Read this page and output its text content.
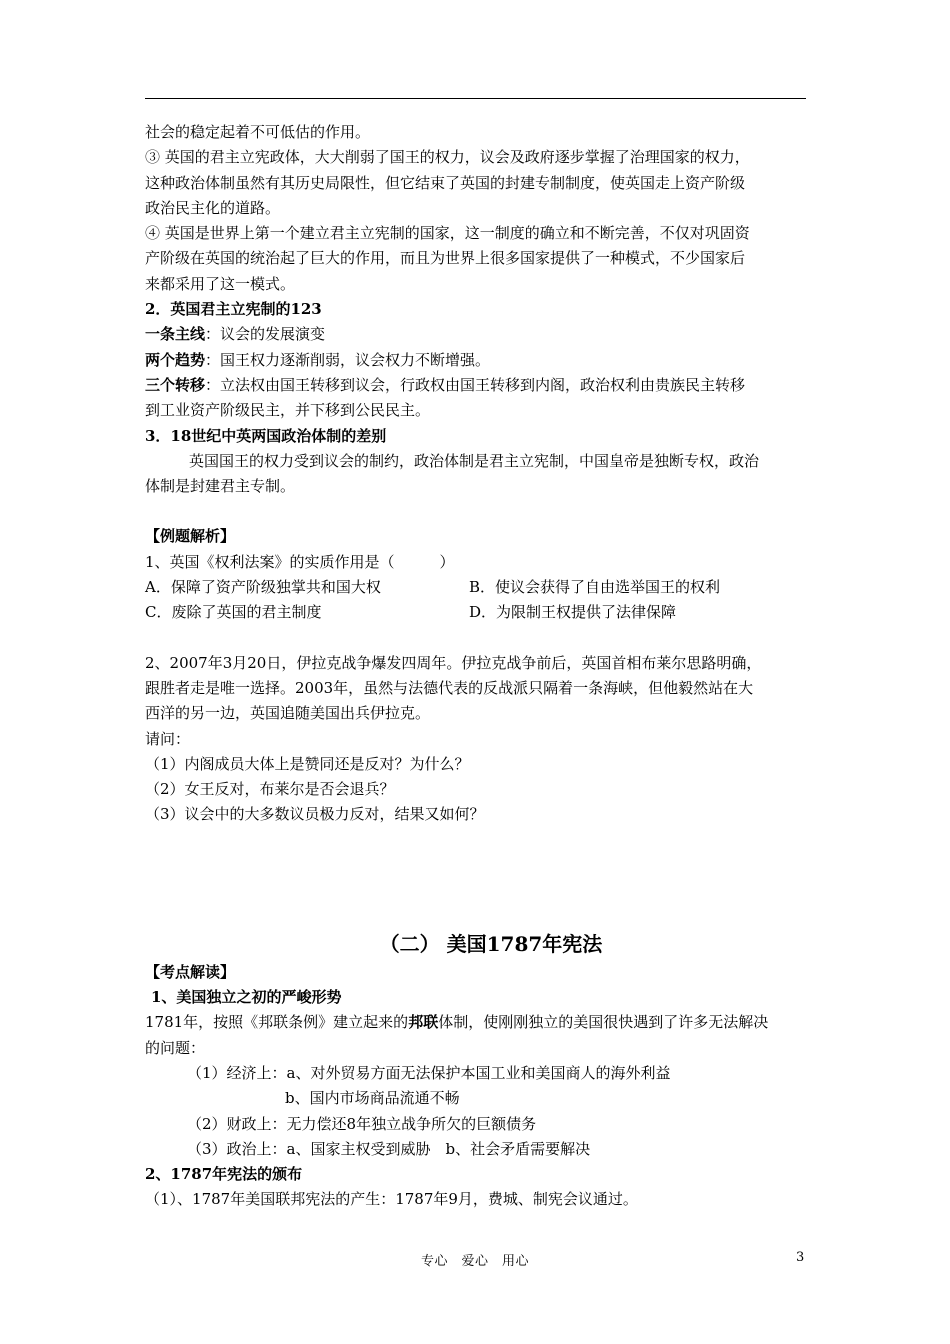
社会的稳定起着不可低估的作用。

③ 英国的君主立宪政体，大大削弱了国王的权力，议会及政府逐步掌握了治理国家的权力，

这种政治体制虽然有其历史局限性，但它结束了英国的封建专制制度，使英国走上资产阶级

政治民主化的道路。

④ 英国是世界上第一个建立君主立宪制的国家，这一制度的确立和不断完善，不仅对巩固资

产阶级在英国的统治起了巨大的作用，而且为世界上很多国家提供了一种模式，不少国家后

来都采用了这一模式。

2．英国君主立宪制的123

一条主线：议会的发展演变

两个趋势：国王权力逐渐削弱，议会权力不断增强。

三个转移：立法权由国王转移到议会，行政权由国王转移到内阁，政治权利由贵族民主转移

到工业资产阶级民主，并下移到公民民主。

3．18世纪中英两国政治体制的差别

英国国王的权力受到议会的制约，政治体制是君主立宪制，中国皇帝是独断专权，政治

体制是封建君主专制。

【例题解析】

1、英国《权利法案》的实质作用是（　　　）

A．保障了资产阶级独掌共和国大权	B．使议会获得了自由选举国王的权利
C．废除了英国的君主制度	D．为限制王权提供了法律保障

2、2007年3月20日，伊拉克战争爆发四周年。伊拉克战争前后，英国首相布莱尔思路明确，

跟胜者走是唯一选择。2003年，虽然与法德代表的反战派只隔着一条海峡，但他毅然站在大

西洋的另一边，英国追随美国出兵伊拉克。

请问：

（1）内阁成员大体上是赞同还是反对？为什么？

（2）女王反对，布莱尔是否会退兵？

（3）议会中的大多数议员极力反对，结果又如何？

（二） 美国1787年宪法

【考点解读】

1、美国独立之初的严峻形势

1781年，按照《邦联条例》建立起来的邦联体制，使刚刚独立的美国很快遇到了许多无法解决

的问题：

（1）经济上：a、对外贸易方面无法保护本国工业和美国商人的海外利益

b、国内市场商品流通不畅

（2）财政上：无力偿还8年独立战争所欠的巨额债务

（3）政治上：a、国家主权受到威胁　b、社会矛盾需要解决

2、1787年宪法的颁布

（1）、1787年美国联邦宪法的产生：1787年9月，费城、制宪会议通过。

专心　爱心　用心	3
